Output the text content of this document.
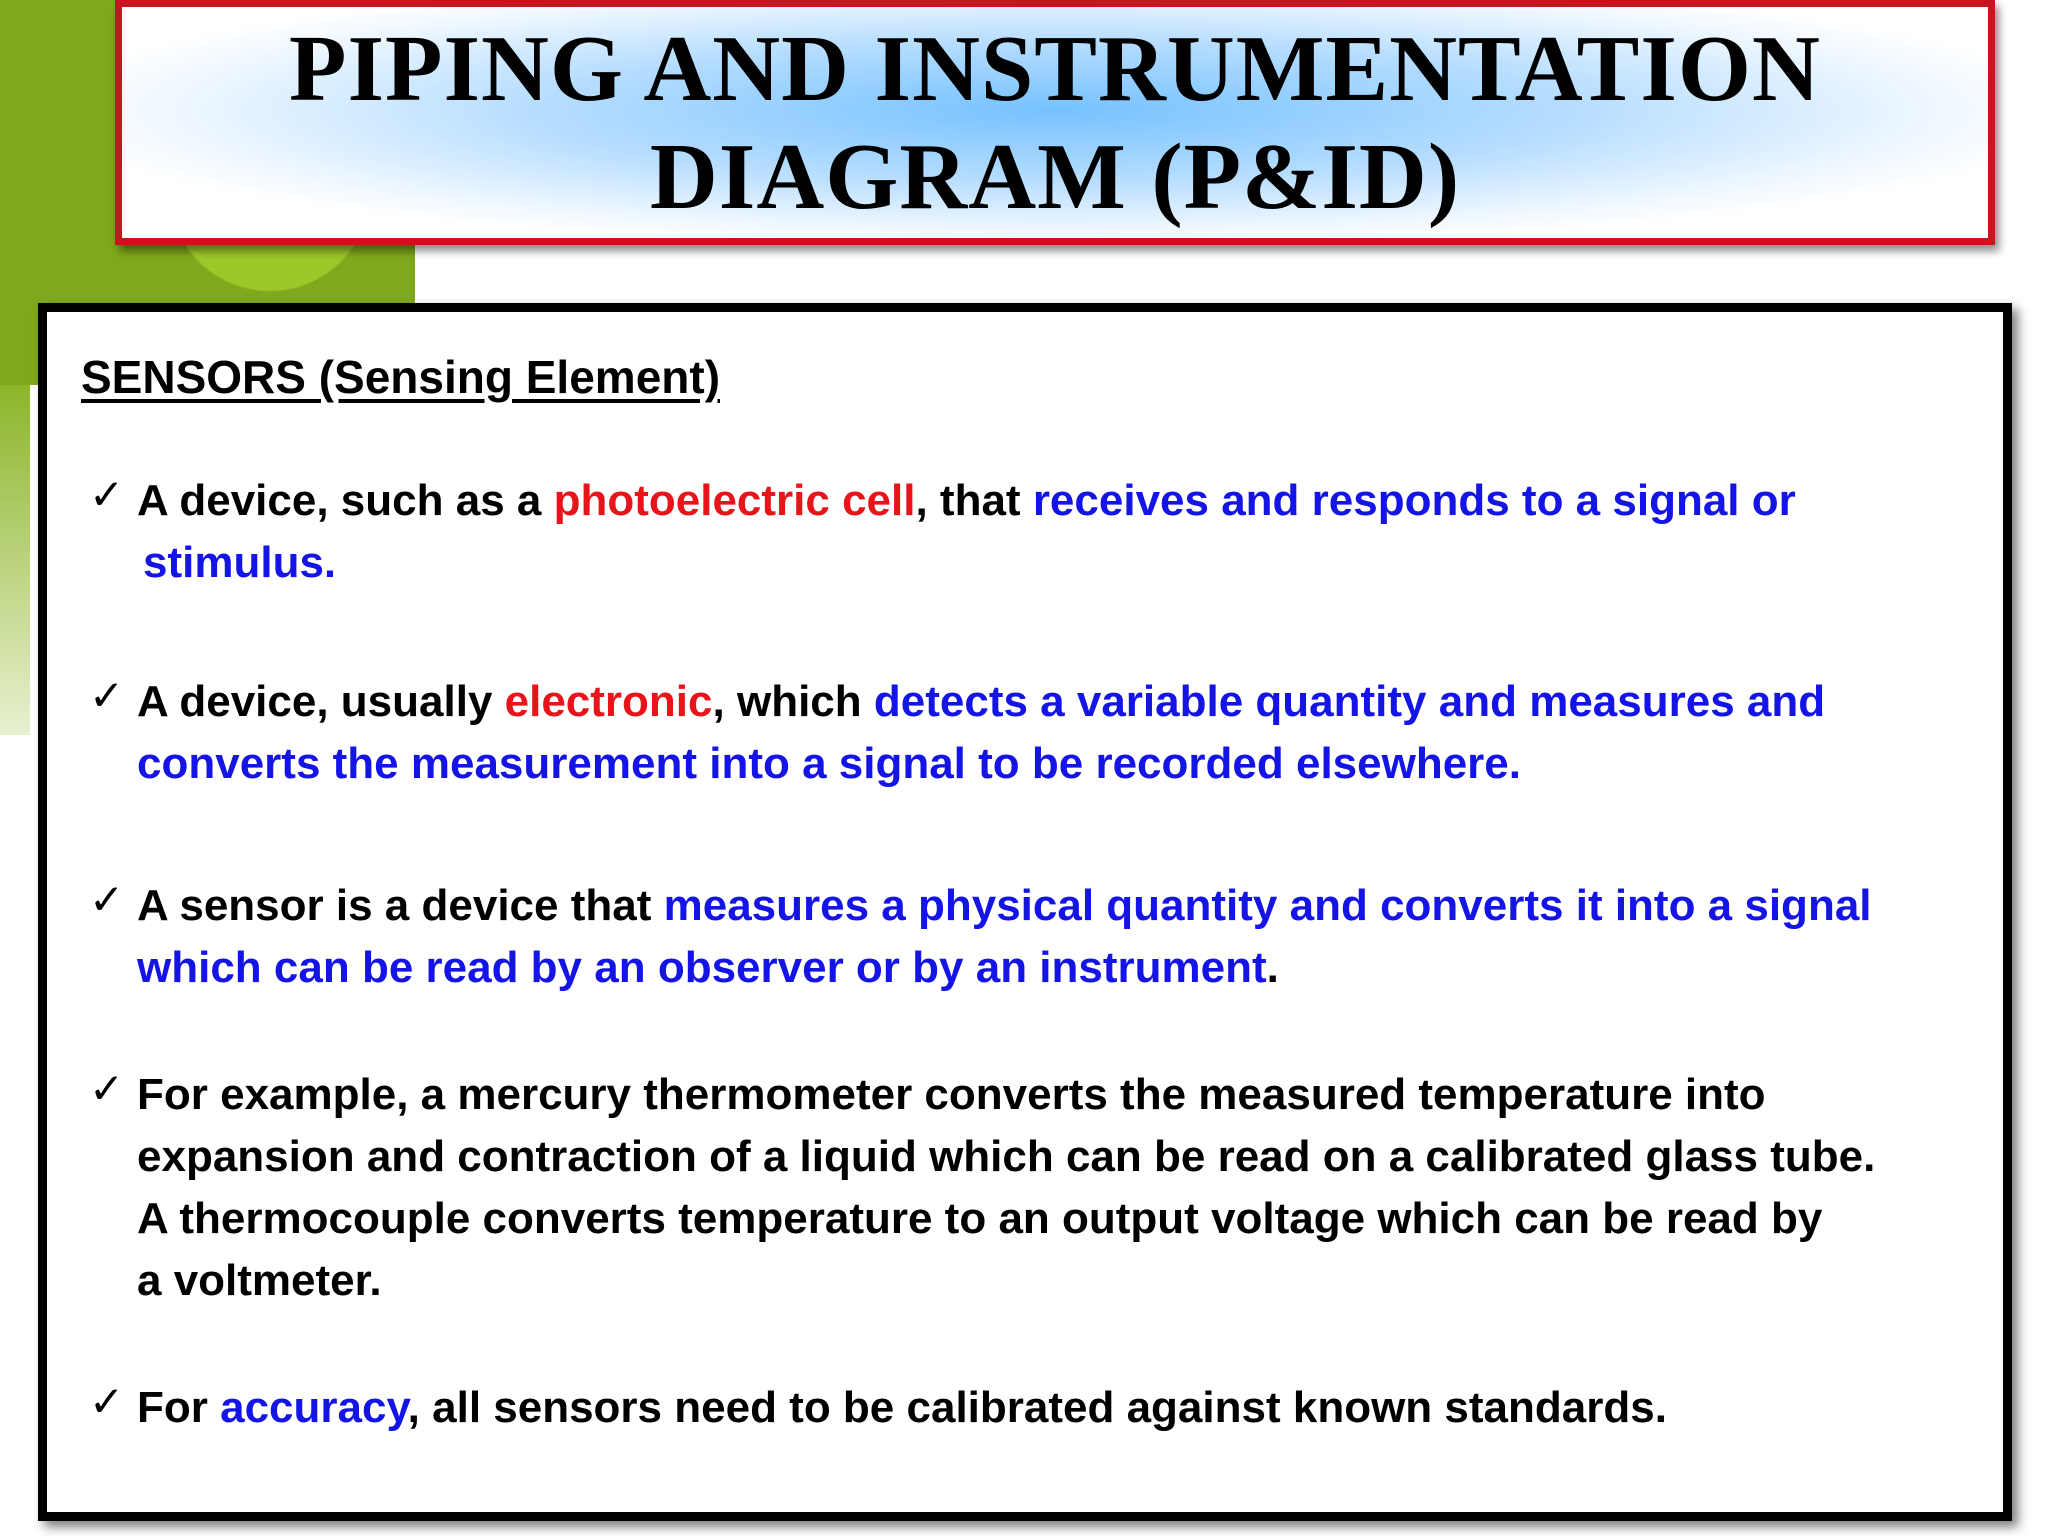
PIPING AND INSTRUMENTATION
DIAGRAM (P&ID)
SENSORS (Sensing Element)
✓ A device, such as a photoelectric cell, that receives and responds to a signal or
stimulus.
✓ A device, usually electronic, which detects a variable quantity and measures and
converts the measurement into a signal to be recorded elsewhere.
✓ A sensor is a device that measures a physical quantity and converts it into a signal
which can be read by an observer or by an instrument.
✓ For example, a mercury thermometer converts the measured temperature into
expansion and contraction of a liquid which can be read on a calibrated glass tube.
A thermocouple converts temperature to an output voltage which can be read by
a voltmeter.
✓ For accuracy, all sensors need to be calibrated against known standards.
